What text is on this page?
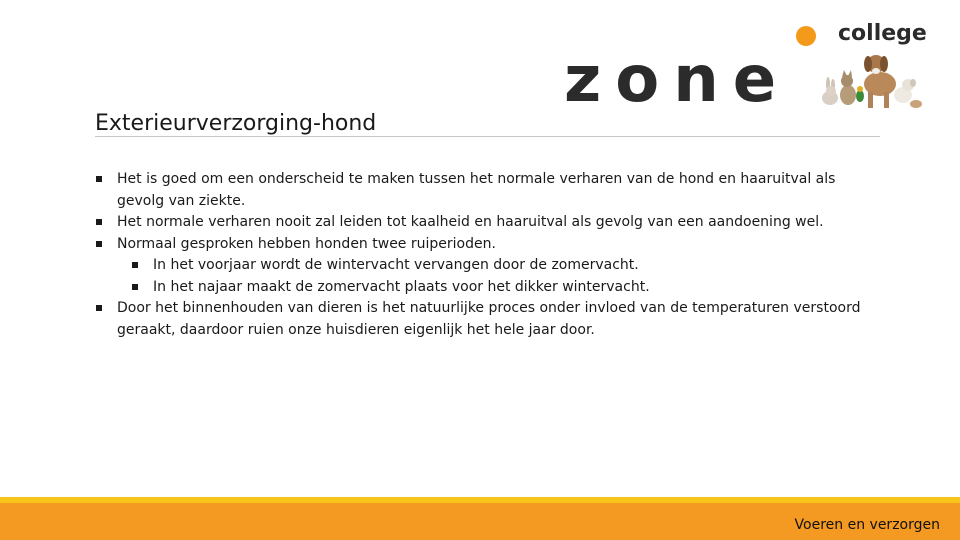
zone
college
Exterieurverzorging-hond
Het is goed om een onderscheid te maken tussen het normale verharen van de hond en haaruitval als gevolg van ziekte.
Het normale verharen nooit zal leiden tot kaalheid en haaruitval als gevolg van een aandoening wel.
Normaal gesproken hebben honden twee ruiperioden.
In het voorjaar wordt de wintervacht vervangen door de zomervacht.
In het najaar maakt de zomervacht plaats voor het dikker wintervacht.
Door het binnenhouden van dieren is het natuurlijke proces onder invloed van de temperaturen verstoord geraakt, daardoor ruien onze huisdieren eigenlijk het hele jaar door.
Voeren en verzorgen
